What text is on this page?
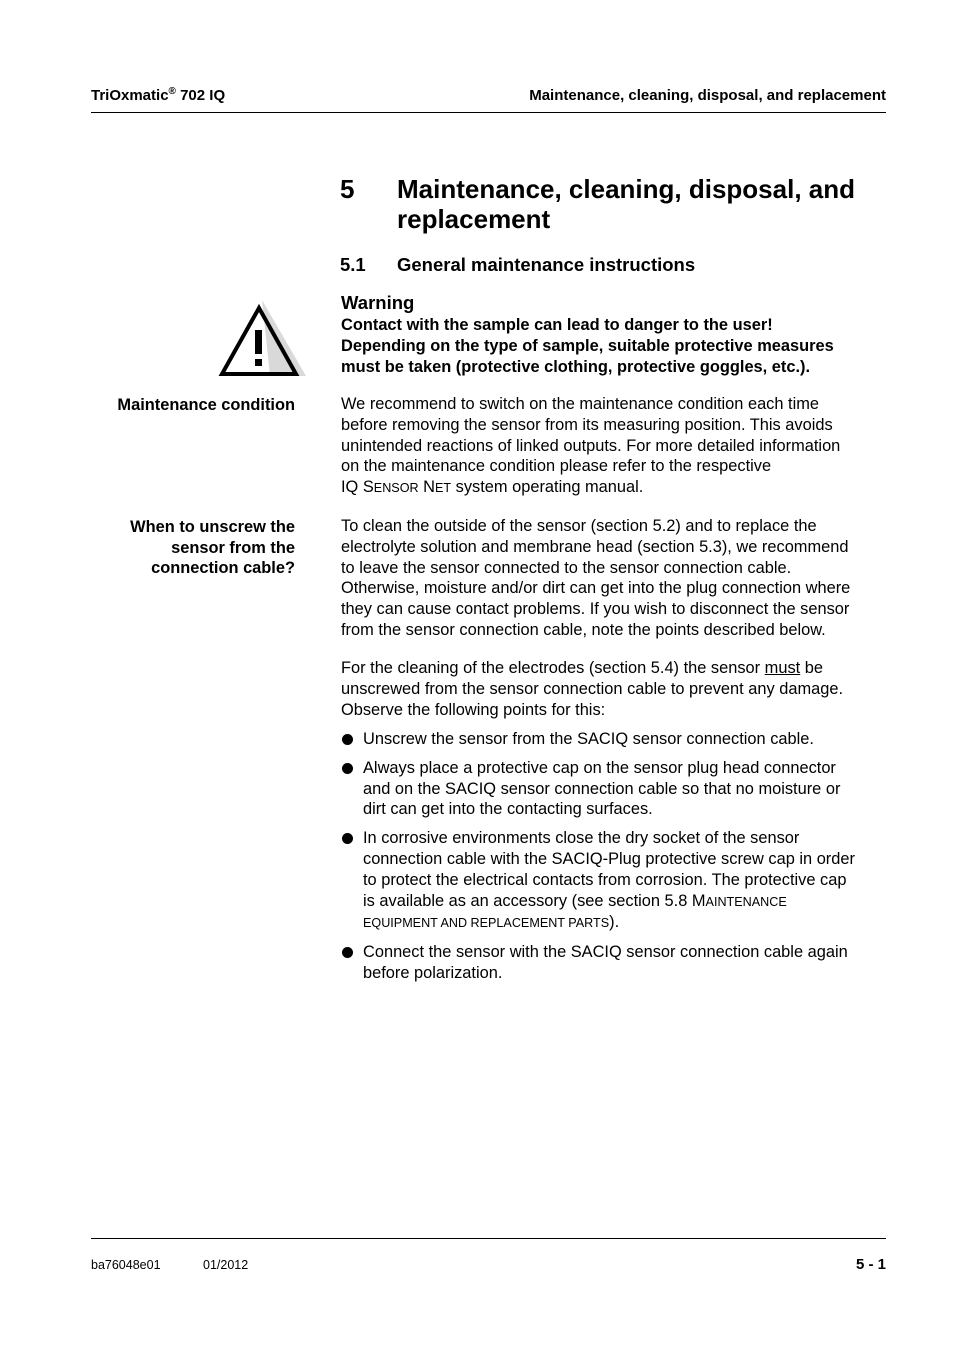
TriOxmatic® 702 IQ	Maintenance, cleaning, disposal, and replacement
5 Maintenance, cleaning, disposal, and replacement
5.1 General maintenance instructions
Warning
Contact with the sample can lead to danger to the user!
Depending on the type of sample, suitable protective measures
must be taken (protective clothing, protective goggles, etc.).
Maintenance condition	We recommend to switch on the maintenance condition each time
before removing the sensor from its measuring position. This avoids
unintended reactions of linked outputs. For more detailed information
on the maintenance condition please refer to the respective
IQ SENSOR NET system operating manual.
When to unscrew the
sensor from the
connection cable?
To clean the outside of the sensor (section 5.2) and to replace the
electrolyte solution and membrane head (section 5.3), we recommend
to leave the sensor connected to the sensor connection cable.
Otherwise, moisture and/or dirt can get into the plug connection where
they can cause contact problems. If you wish to disconnect the sensor
from the sensor connection cable, note the points described below.
For the cleaning of the electrodes (section 5.4) the sensor must be
unscrewed from the sensor connection cable to prevent any damage.
Observe the following points for this:
Unscrew the sensor from the SACIQ sensor connection cable.
Always place a protective cap on the sensor plug head connector
and on the SACIQ sensor connection cable so that no moisture or
dirt can get into the contacting surfaces.
In corrosive environments close the dry socket of the sensor
connection cable with the SACIQ-Plug protective screw cap in order
to protect the electrical contacts from corrosion. The protective cap
is available as an accessory (see section 5.8 MAINTENANCE
EQUIPMENT AND REPLACEMENT PARTS).
Connect the sensor with the SACIQ sensor connection cable again
before polarization.
ba76048e01	01/2012	5 - 1
